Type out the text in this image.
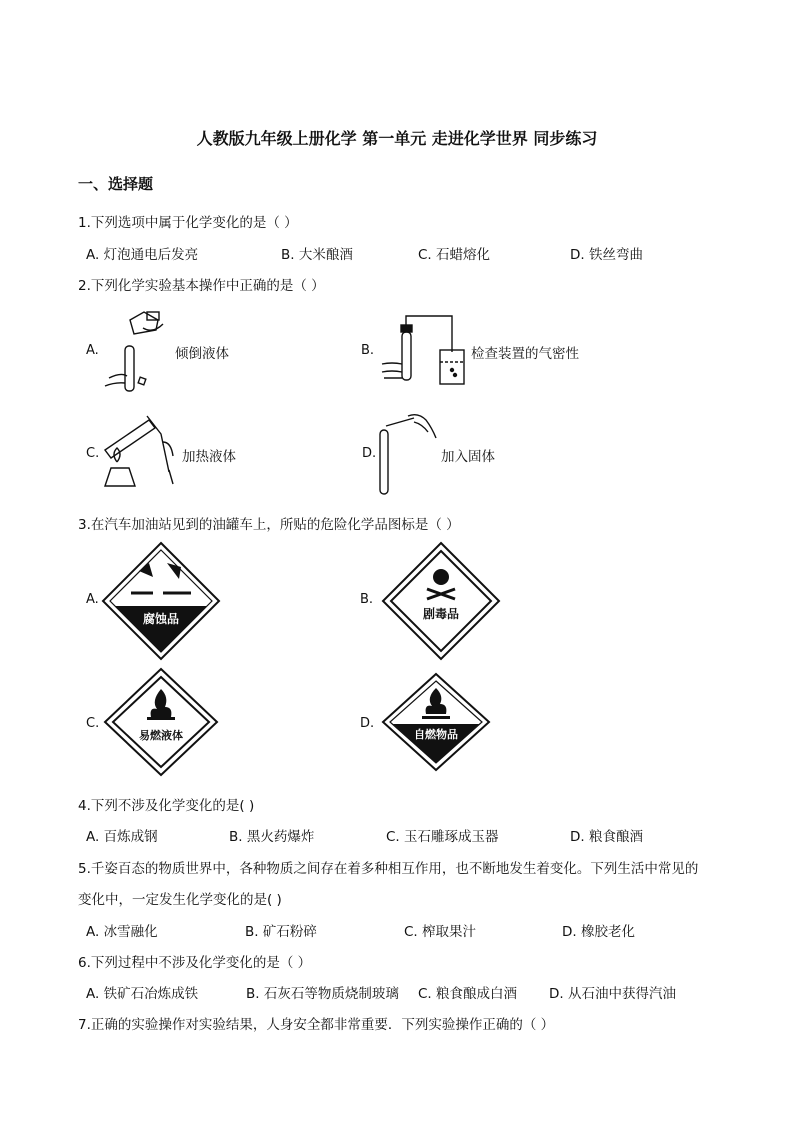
人教版九年级上册化学 第一单元 走进化学世界 同步练习
一、选择题
1.下列选项中属于化学变化的是（ ）
A. 灯泡通电后发亮	B. 大米酿酒	C. 石蜡熔化	D. 铁丝弯曲
2.下列化学实验基本操作中正确的是（ ）
A.	倾倒液体	B.	检查装置的气密性
C.	加热液体	D.	加入固体
3.在汽车加油站见到的油罐车上，所贴的危险化学品图标是（ ）
A.
腐蚀品
B.
剧毒品
C.
易燃液体
D.
自燃物品
4.下列不涉及化学变化的是( )
A. 百炼成钢	B. 黑火药爆炸	C. 玉石雕琢成玉器	D. 粮食酿酒
5.千姿百态的物质世界中，各种物质之间存在着多种相互作用，也不断地发生着变化。下列生活中常见的
变化中，一定发生化学变化的是( )
A. 冰雪融化	B. 矿石粉碎	C. 榨取果汁	D. 橡胶老化
6.下列过程中不涉及化学变化的是（ ）
A. 铁矿石冶炼成铁	B. 石灰石等物质烧制玻璃 C. 粮食酿成白酒 D. 从石油中获得汽油
7.正确的实验操作对实验结果，人身安全都非常重要．下列实验操作正确的（ ）
